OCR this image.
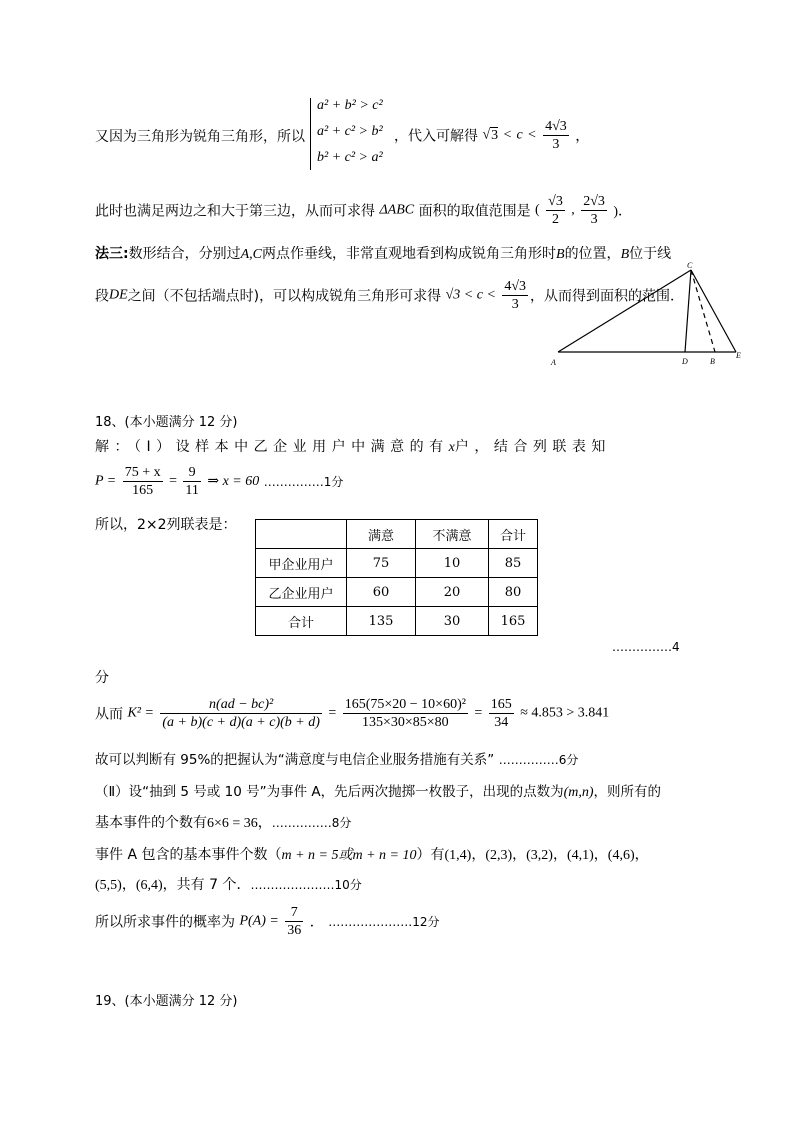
又因为三角形为锐角三角形，所以
a² + b² > c²
a² + c² > b²
b² + c² > a²
，代入可解得 $√3 < c < \frac{4√3}{3}$ ，
此时也满足两边之和大于第三边，从而可求得 ΔABC 面积的取值范围是 ( $\frac{√3}{2}$ , $\frac{2√3}{3}$ )．
法三:数形结合，分别过A,C两点作垂线，非常直观地看到构成锐角三角形时B的位置，B位于线
段DE之间（不包括端点时)，可以构成锐角三角形可求得 $√3 < c < \frac{4√3}{3}$ ，从而得到面积的范围．
A
C
D	B
E
18、(本小题满分 12 分)
解：（Ⅰ）设样本中乙企业用户中满意的有x户，结合列联表知
$P = \frac{75 + x}{165} = \frac{9}{11}$ ⇒ x = 60 ……………1分
所以，2×2列联表是：
	满意	不满意	合计
甲企业用户	75	10	85
乙企业用户	60	20	80
合计	135	30	165
……………4
分
从而 $K^2 = \frac{\text{n(ad − bc)²}}{(a + b)(c + d)(a + c)(b + d)} = \frac{\text{165(75×20 − 10×60)²}}{135\times 30\times 85\times 80} = \frac{165}{34} \approx 4.853 > 3.841$
故可以判断有 95%的把握认为“满意度与电信企业服务措施有关系” ……………6分
（Ⅱ）设“抽到 5 号或 10 号”为事件 A，先后两次抛掷一枚骰子，出现的点数为(m,n)，则所有的
基本事件的个数有6×6 = 36，……………8分
事件 A 包含的基本事件个数（m + n = 5或m + n = 10）有(1,4)，(2,3)，(3,2)，(4,1)，(4,6)，
(5,5)，(6,4)，共有 7 个．…………………10分
所以所求事件的概率为 $P(A) = \frac{7}{36}$ ． …………………12分
19、(本小题满分 12 分)
